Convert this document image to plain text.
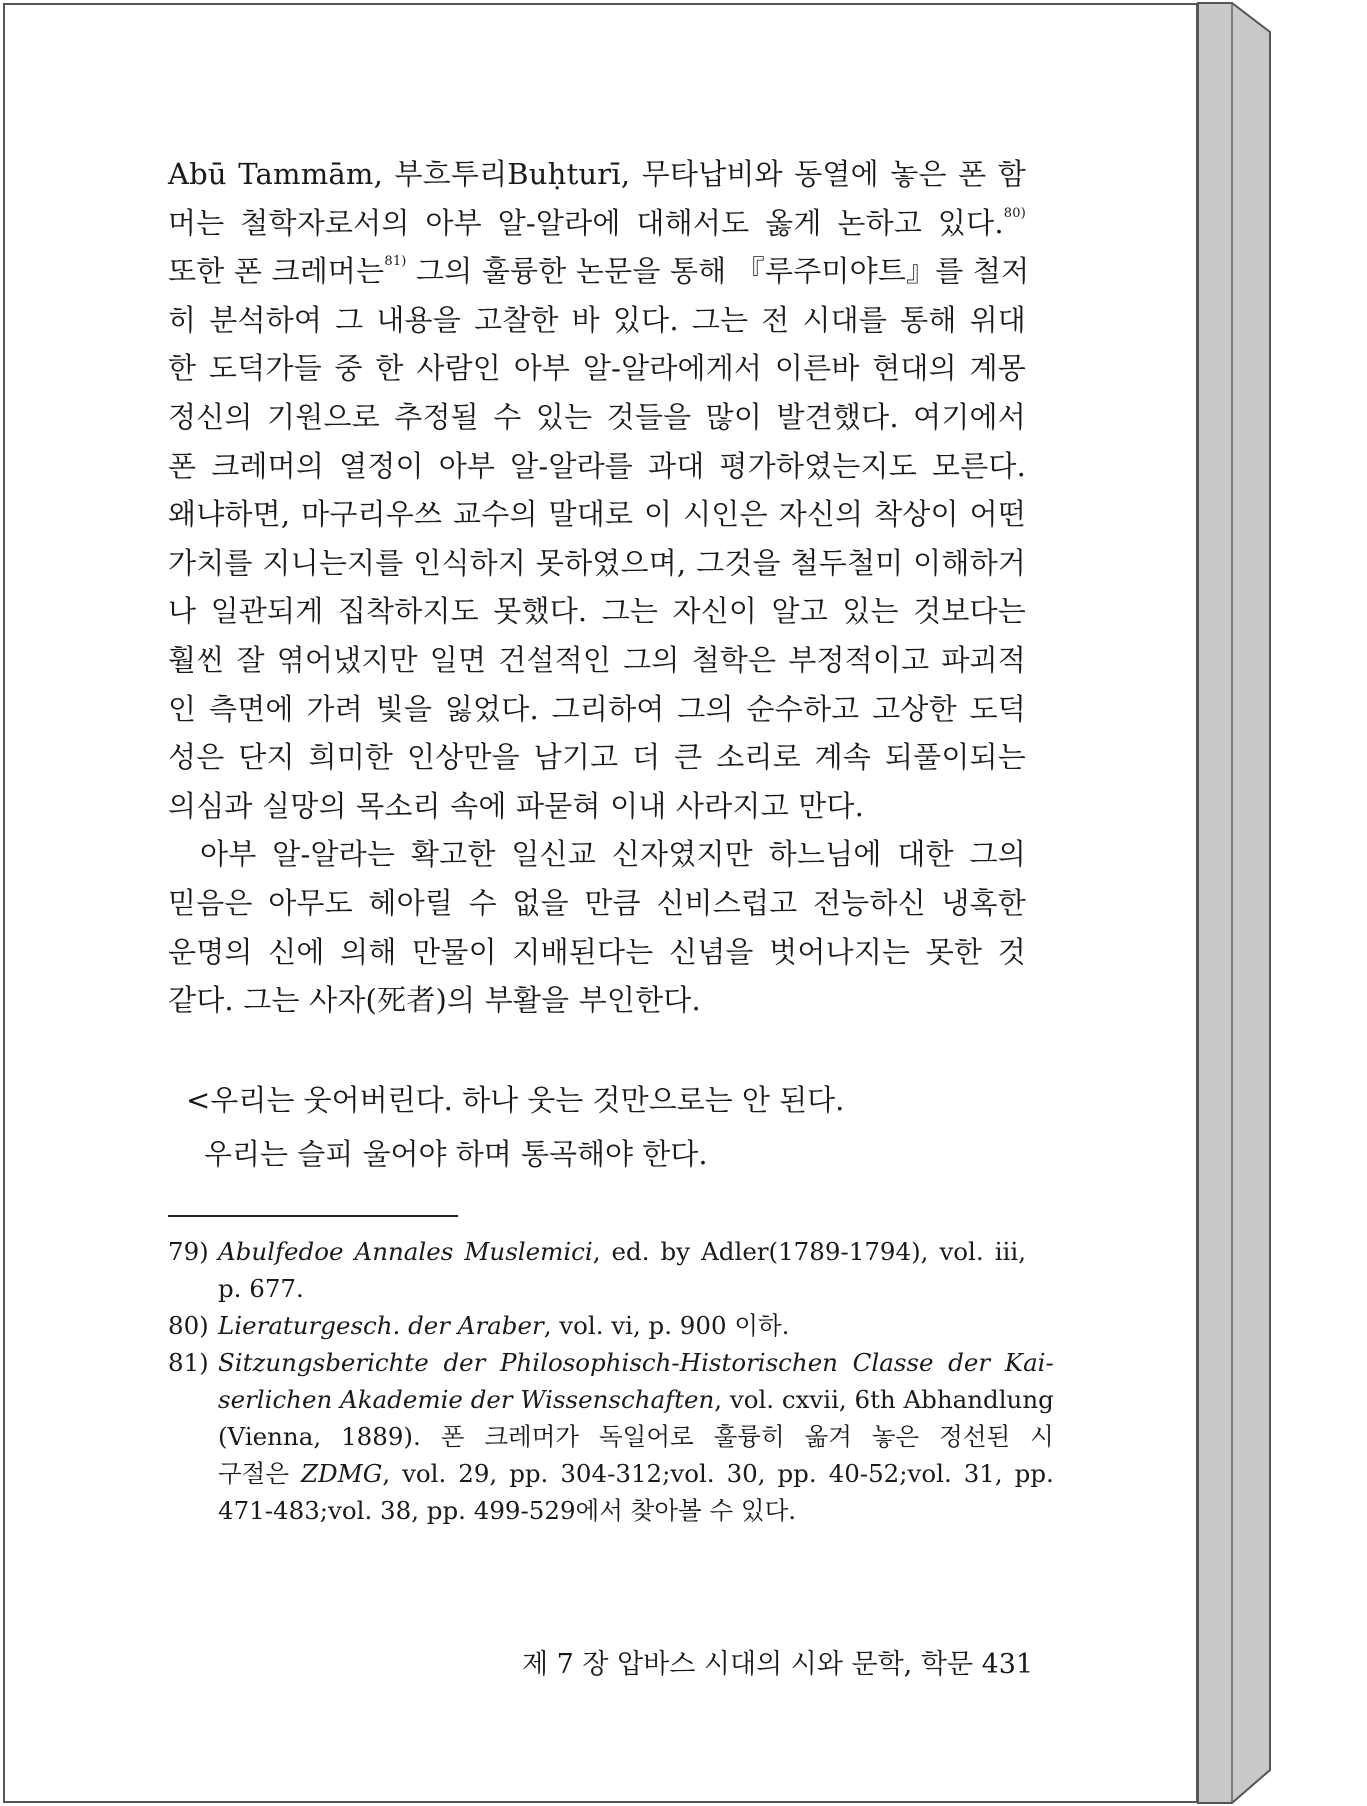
Abū Tammām, 부흐투리Buḥturī, 무타납비와 동열에 놓은 폰 함
머는 철학자로서의 아부 알-알라에 대해서도 옳게 논하고 있다.$^{80)}$
또한 폰 크레머는$^{81)}$ 그의 훌륭한 논문을 통해 『루주미야트』를 철저
히 분석하여 그 내용을 고찰한 바 있다. 그는 전 시대를 통해 위대
한 도덕가들 중 한 사람인 아부 알-알라에게서 이른바 현대의 계몽
정신의 기원으로 추정될 수 있는 것들을 많이 발견했다. 여기에서
폰 크레머의 열정이 아부 알-알라를 과대 평가하였는지도 모른다.
왜냐하면, 마구리우쓰 교수의 말대로 이 시인은 자신의 착상이 어떤
가치를 지니는지를 인식하지 못하였으며, 그것을 철두철미 이해하거
나 일관되게 집착하지도 못했다. 그는 자신이 알고 있는 것보다는
훨씬 잘 엮어냈지만 일면 건설적인 그의 철학은 부정적이고 파괴적
인 측면에 가려 빛을 잃었다. 그리하여 그의 순수하고 고상한 도덕
성은 단지 희미한 인상만을 남기고 더 큰 소리로 계속 되풀이되는
의심과 실망의 목소리 속에 파묻혀 이내 사라지고 만다.
아부 알-알라는 확고한 일신교 신자였지만 하느님에 대한 그의
믿음은 아무도 헤아릴 수 없을 만큼 신비스럽고 전능하신 냉혹한
운명의 신에 의해 만물이 지배된다는 신념을 벗어나지는 못한 것
같다. 그는 사자(死者)의 부활을 부인한다.
<우리는 웃어버린다. 하나 웃는 것만으로는 안 된다.
우리는 슬피 울어야 하며 통곡해야 한다.
79) Abulfedoe Annales Muslemici, ed. by Adler(1789-1794), vol. iii,
p. 677.
80) Lieraturgesch. der Araber, vol. vi, p. 900 이하.
81) Sitzungsberichte der Philosophisch-Historischen Classe der Kai-
serlichen Akademie der Wissenschaften, vol. cxvii, 6th Abhandlung
(Vienna, 1889). 폰 크레머가 독일어로 훌륭히 옮겨 놓은 정선된 시
구절은 ZDMG, vol. 29, pp. 304-312;vol. 30, pp. 40-52;vol. 31, pp.
471-483;vol. 38, pp. 499-529에서 찾아볼 수 있다.
제 7 장 압바스 시대의 시와 문학, 학문 431
